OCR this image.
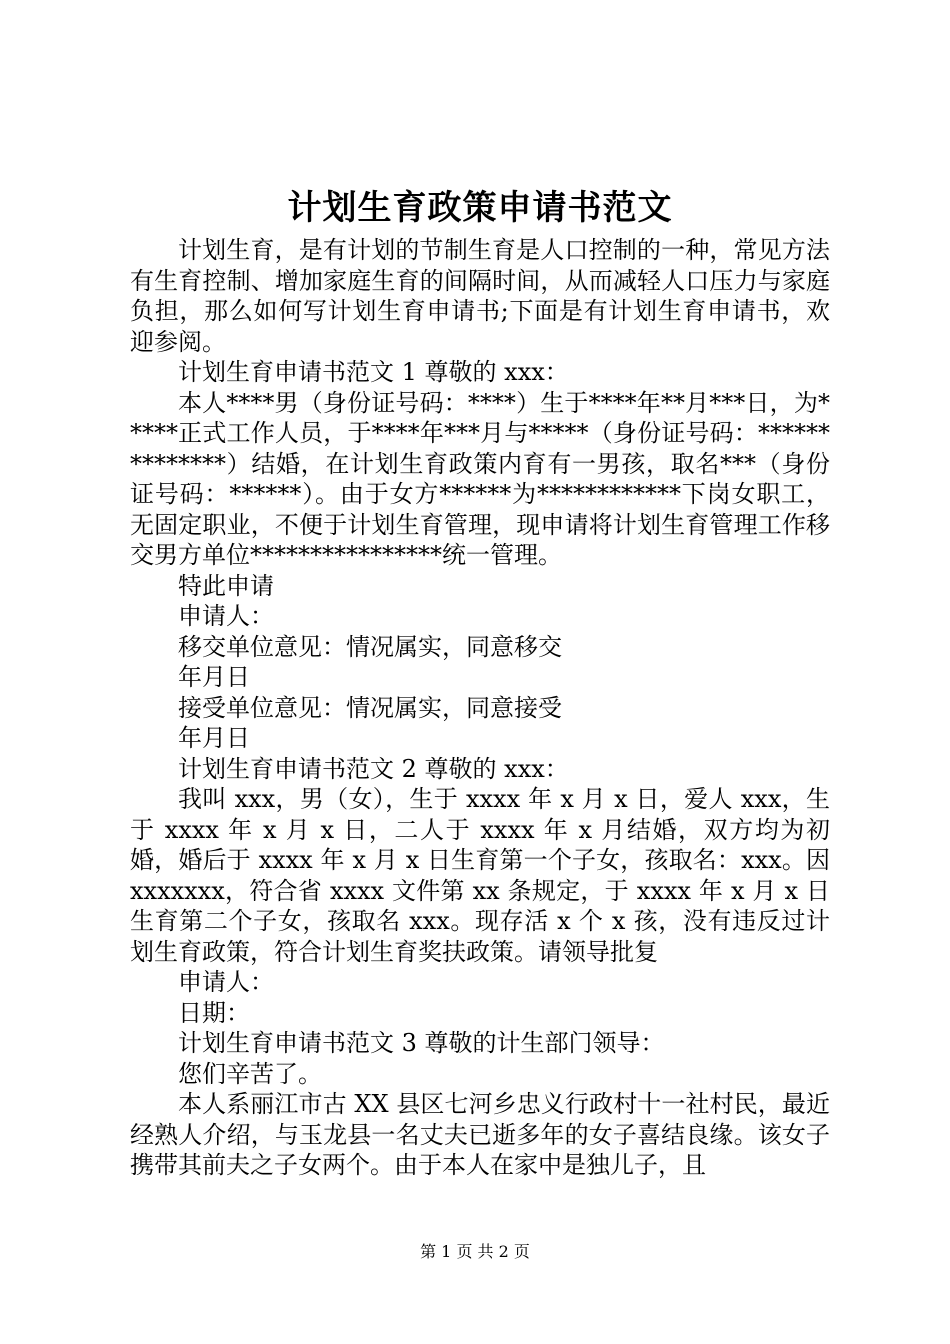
计划生育政策申请书范文

计划生育，是有计划的节制生育是人口控制的一种，常见方法有生育控制、增加家庭生育的间隔时间，从而减轻人口压力与家庭负担，那么如何写计划生育申请书;下面是有计划生育申请书，欢迎参阅。

计划生育申请书范文 1 尊敬的 xxx：

本人****男（身份证号码：****）生于****年**月***日，为*****正式工作人员，于****年***月与*****（身份证号码：**************）结婚，在计划生育政策内育有一男孩，取名***（身份证号码：******）。由于女方******为************下岗女职工，无固定职业，不便于计划生育管理，现申请将计划生育管理工作移交男方单位****************统一管理。

特此申请

申请人：

移交单位意见：情况属实，同意移交

年月日

接受单位意见：情况属实，同意接受

年月日

计划生育申请书范文 2 尊敬的 xxx：

我叫 xxx，男（女），生于 xxxx 年 x 月 x 日，爱人 xxx，生于 xxxx 年 x 月 x 日，二人于 xxxx 年 x 月结婚，双方均为初婚，婚后于 xxxx 年 x 月 x 日生育第一个子女，孩取名：xxx。因 xxxxxxx，符合省 xxxx 文件第 xx 条规定，于 xxxx 年 x 月 x 日生育第二个子女，孩取名 xxx。现存活 x 个 x 孩，没有违反过计划生育政策，符合计划生育奖扶政策。请领导批复

申请人：

日期：

计划生育申请书范文 3 尊敬的计生部门领导：

您们辛苦了。

本人系丽江市古 XX 县区七河乡忠义行政村十一社村民，最近经熟人介绍，与玉龙县一名丈夫已逝多年的女子喜结良缘。该女子携带其前夫之子女两个。由于本人在家中是独儿子，且

第 1 页 共 2 页
